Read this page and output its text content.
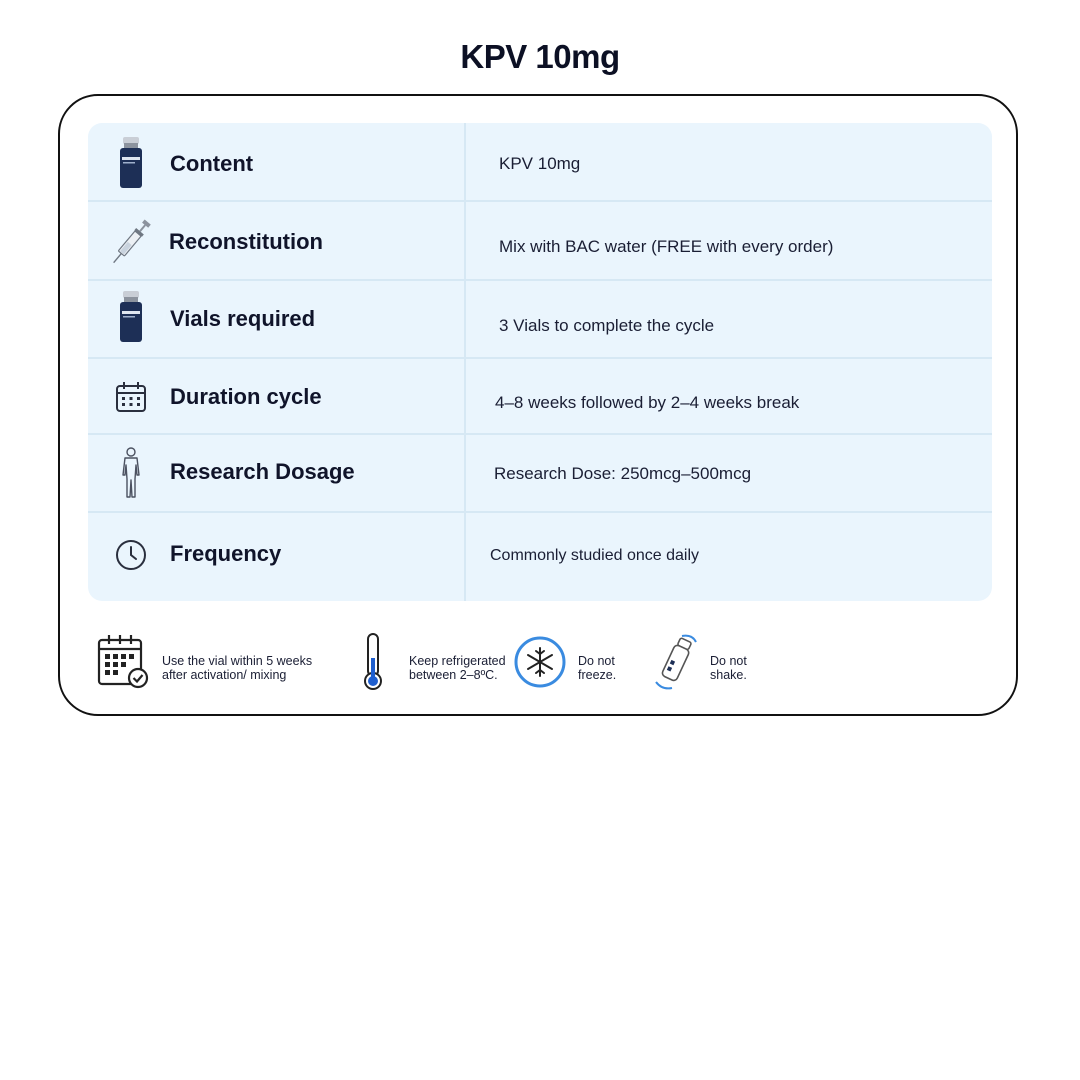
KPV 10mg
Content	KPV 10mg
Reconstitution	Mix with BAC water (FREE with every order)
Vials required	3 Vials to complete the cycle
Duration cycle	4–8 weeks followed by 2–4 weeks break
Research Dosage	Research Dose: 250mcg–500mcg
Frequency	Commonly studied once daily
Use the vial within 5 weeks
after activation/ mixing
Keep refrigerated
between 2–8ºC.
Do not
freeze.
Do not
shake.
